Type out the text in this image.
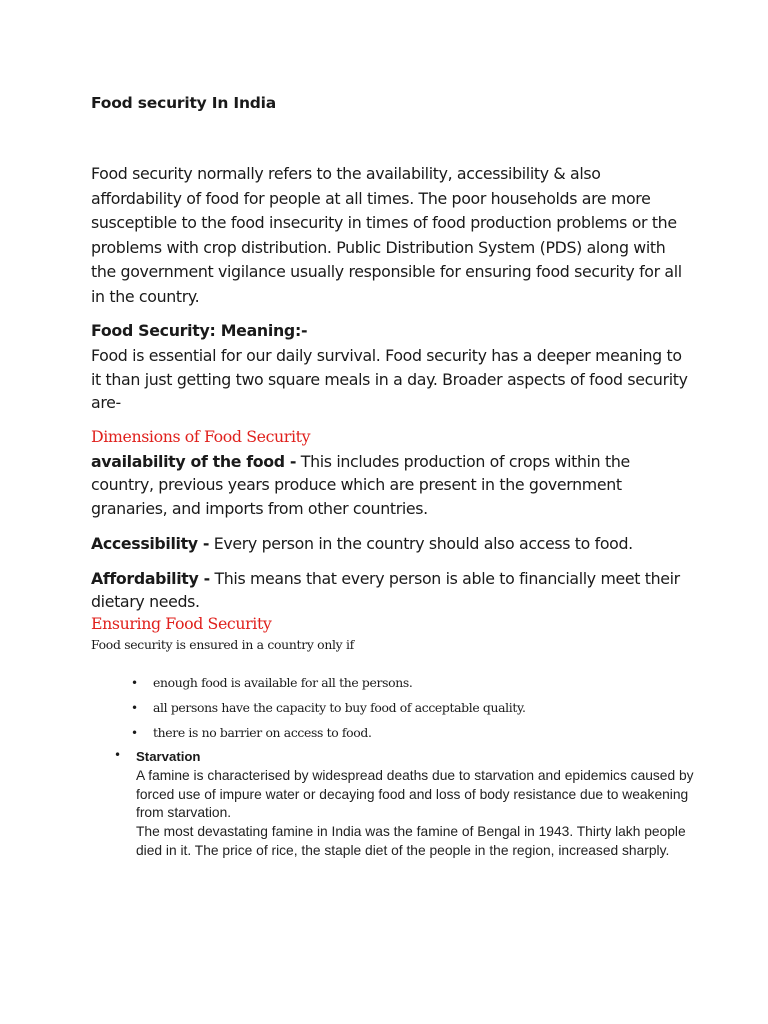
Food security In India

Food security normally refers to the availability, accessibility & also affordability of food for people at all times. The poor households are more susceptible to the food insecurity in times of food production problems or the problems with crop distribution. Public Distribution System (PDS) along with the government vigilance usually responsible for ensuring food security for all in the country.

Food Security: Meaning:-

Food is essential for our daily survival. Food security has a deeper meaning to it than just getting two square meals in a day. Broader aspects of food security are-

Dimensions of Food Security

availability of the food - This includes production of crops within the country, previous years produce which are present in the government granaries, and imports from other countries.

Accessibility - Every person in the country should also access to food.

Affordability - This means that every person is able to financially meet their dietary needs.

Ensuring Food Security
Food security is ensured in a country only if
• enough food is available for all the persons.
• all persons have the capacity to buy food of acceptable quality.
• there is no barrier on access to food.
• Starvation

A famine is characterised by widespread deaths due to starvation and epidemics caused by forced use of impure water or decaying food and loss of body resistance due to weakening from starvation.

The most devastating famine in India was the famine of Bengal in 1943. Thirty lakh people died in it. The price of rice, the staple diet of the people in the region, increased sharply.
